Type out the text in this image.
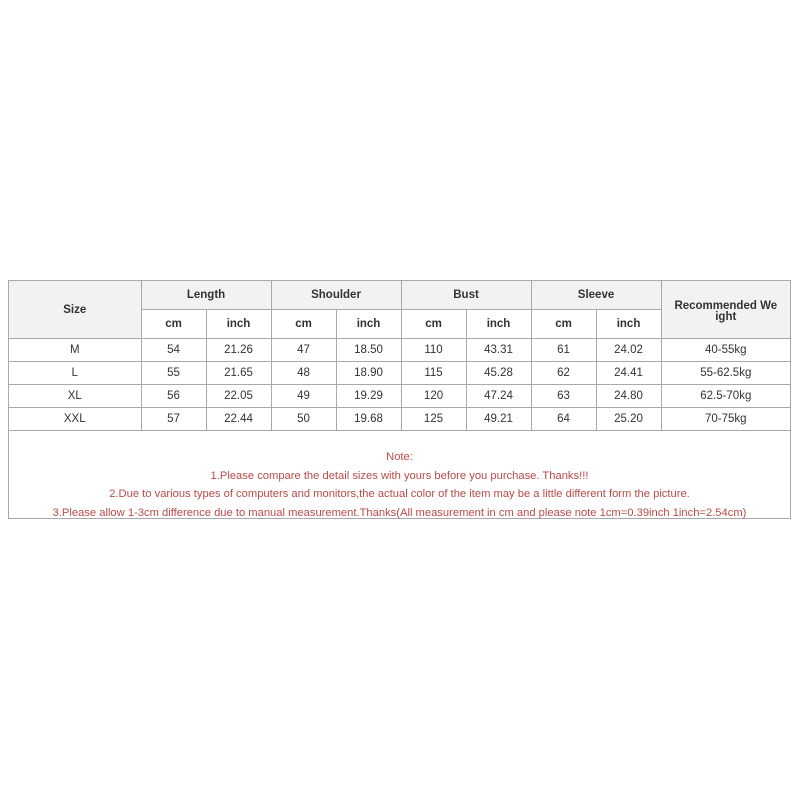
Size	Length		Shoulder		Bust		Sleeve		Recommended Weight

	cm	inch	cm	inch	cm	inch	cm	inch	
M	54	21.26	47	18.50	110	43.31	61	24.02	40-55kg
L	55	21.65	48	18.90	115	45.28	62	24.41	55-62.5kg
XL	56	22.05	49	19.29	120	47.24	63	24.80	62.5-70kg
XXL	57	22.44	50	19.68	125	49.21	64	25.20	70-75kg
Note:
1.Please compare the detail sizes with yours before you purchase. Thanks!!!
2.Due to various types of computers and monitors,the actual color of the item may be a little different form the picture.
3.Please allow 1-3cm difference due to manual measurement.Thanks(All measurement in cm and please note 1cm=0.39inch 1inch=2.54cm)
